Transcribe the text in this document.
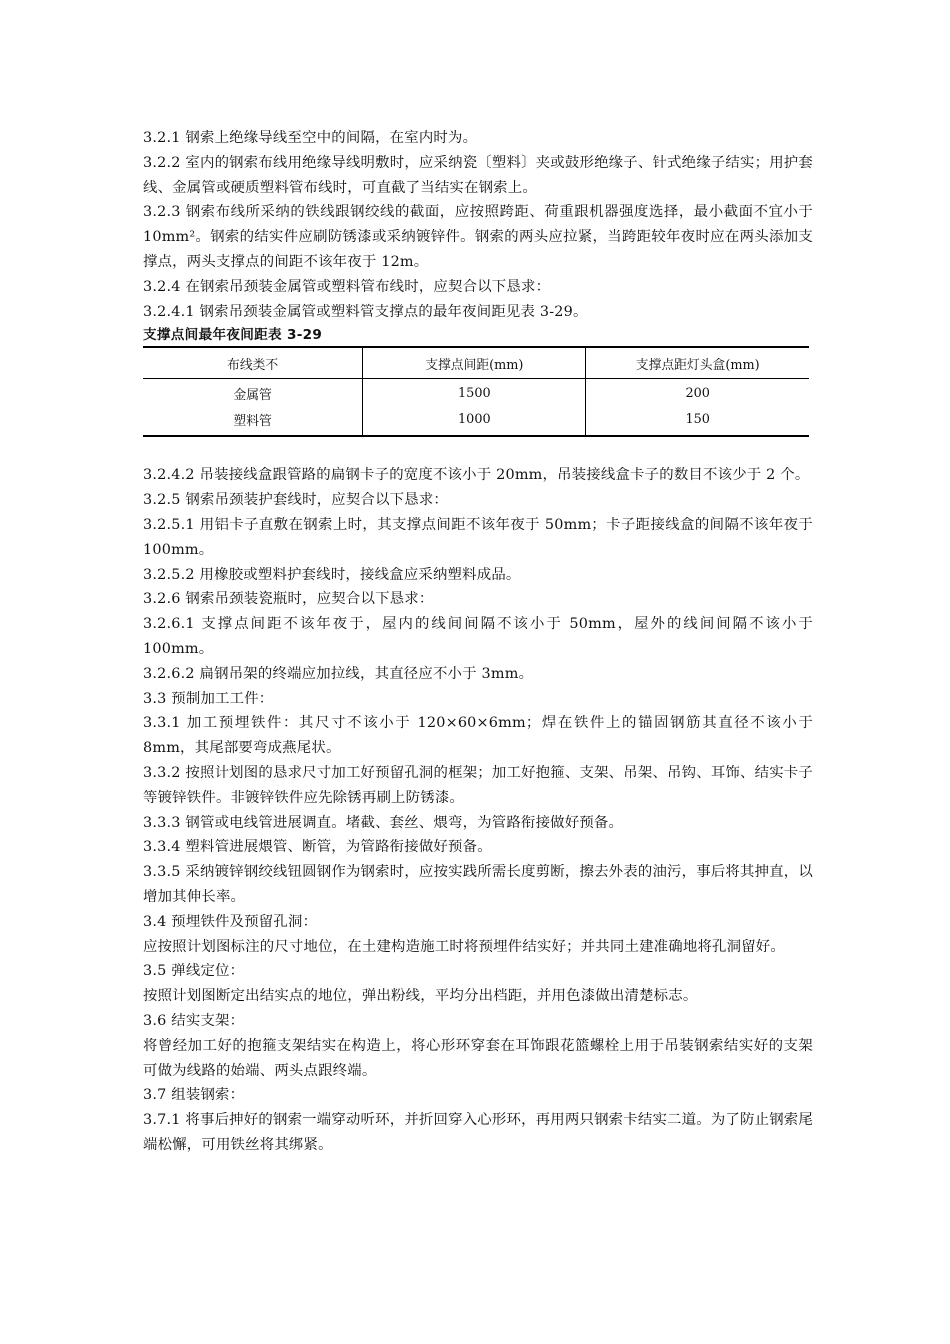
3.2.1 钢索上绝缘导线至空中的间隔，在室内时为。

3.2.2 室内的钢索布线用绝缘导线明敷时，应采纳瓷〔塑料〕夹或鼓形绝缘子、针式绝缘子结实；用护套线、金属管或硬质塑料管布线时，可直截了当结实在钢索上。

3.2.3 钢索布线所采纳的铁线跟钢绞线的截面，应按照跨距、荷重跟机器强度选择，最小截面不宜小于 10mm²。钢索的结实件应刷防锈漆或采纳镀锌件。钢索的两头应拉紧，当跨距较年夜时应在两头添加支撑点，两头支撑点的间距不该年夜于 12m。

3.2.4 在钢索吊颈装金属管或塑料管布线时，应契合以下恳求：

3.2.4.1 钢索吊颈装金属管或塑料管支撑点的最年夜间距见表 3-29。

支撑点间最年夜间距表 3-29

布线类不	支撑点间距(mm)	支撑点距灯头盒(mm)
金属管	1500	200
塑料管	1000	150

3.2.4.2 吊装接线盒跟管路的扁钢卡子的宽度不该小于 20mm，吊装接线盒卡子的数目不该少于 2 个。

3.2.5 钢索吊颈装护套线时，应契合以下恳求：

3.2.5.1 用铝卡子直敷在钢索上时，其支撑点间距不该年夜于 50mm；卡子距接线盒的间隔不该年夜于 100mm。

3.2.5.2 用橡胶或塑料护套线时，接线盒应采纳塑料成品。

3.2.6 钢索吊颈装瓷瓶时，应契合以下恳求：

3.2.6.1 支撑点间距不该年夜于，屋内的线间间隔不该小于 50mm，屋外的线间间隔不该小于 100mm。

3.2.6.2 扁钢吊架的终端应加拉线，其直径应不小于 3mm。

3.3 预制加工工件：

3.3.1 加工预埋铁件：其尺寸不该小于 120×60×6mm；焊在铁件上的锚固钢筋其直径不该小于 8mm，其尾部要弯成燕尾状。

3.3.2 按照计划图的恳求尺寸加工好预留孔洞的框架；加工好抱箍、支架、吊架、吊钩、耳饰、结实卡子等镀锌铁件。非镀锌铁件应先除锈再刷上防锈漆。

3.3.3 钢管或电线管进展调直。堵截、套丝、煨弯，为管路衔接做好预备。

3.3.4 塑料管进展煨管、断管，为管路衔接做好预备。

3.3.5 采纳镀锌钢绞线钮圆钢作为钢索时，应按实践所需长度剪断，擦去外表的油污，事后将其抻直，以增加其伸长率。

3.4 预埋铁件及预留孔洞：

应按照计划图标注的尺寸地位，在土建构造施工时将预埋件结实好；并共同土建准确地将孔洞留好。

3.5 弹线定位：

按照计划图断定出结实点的地位，弹出粉线，平均分出档距，并用色漆做出清楚标志。

3.6 结实支架：

将曾经加工好的抱箍支架结实在构造上，将心形环穿套在耳饰跟花篮螺栓上用于吊装钢索结实好的支架可做为线路的始端、两头点跟终端。

3.7 组装钢索：

3.7.1 将事后抻好的钢索一端穿动听环，并折回穿入心形环，再用两只钢索卡结实二道。为了防止钢索尾端松懈，可用铁丝将其绑紧。
